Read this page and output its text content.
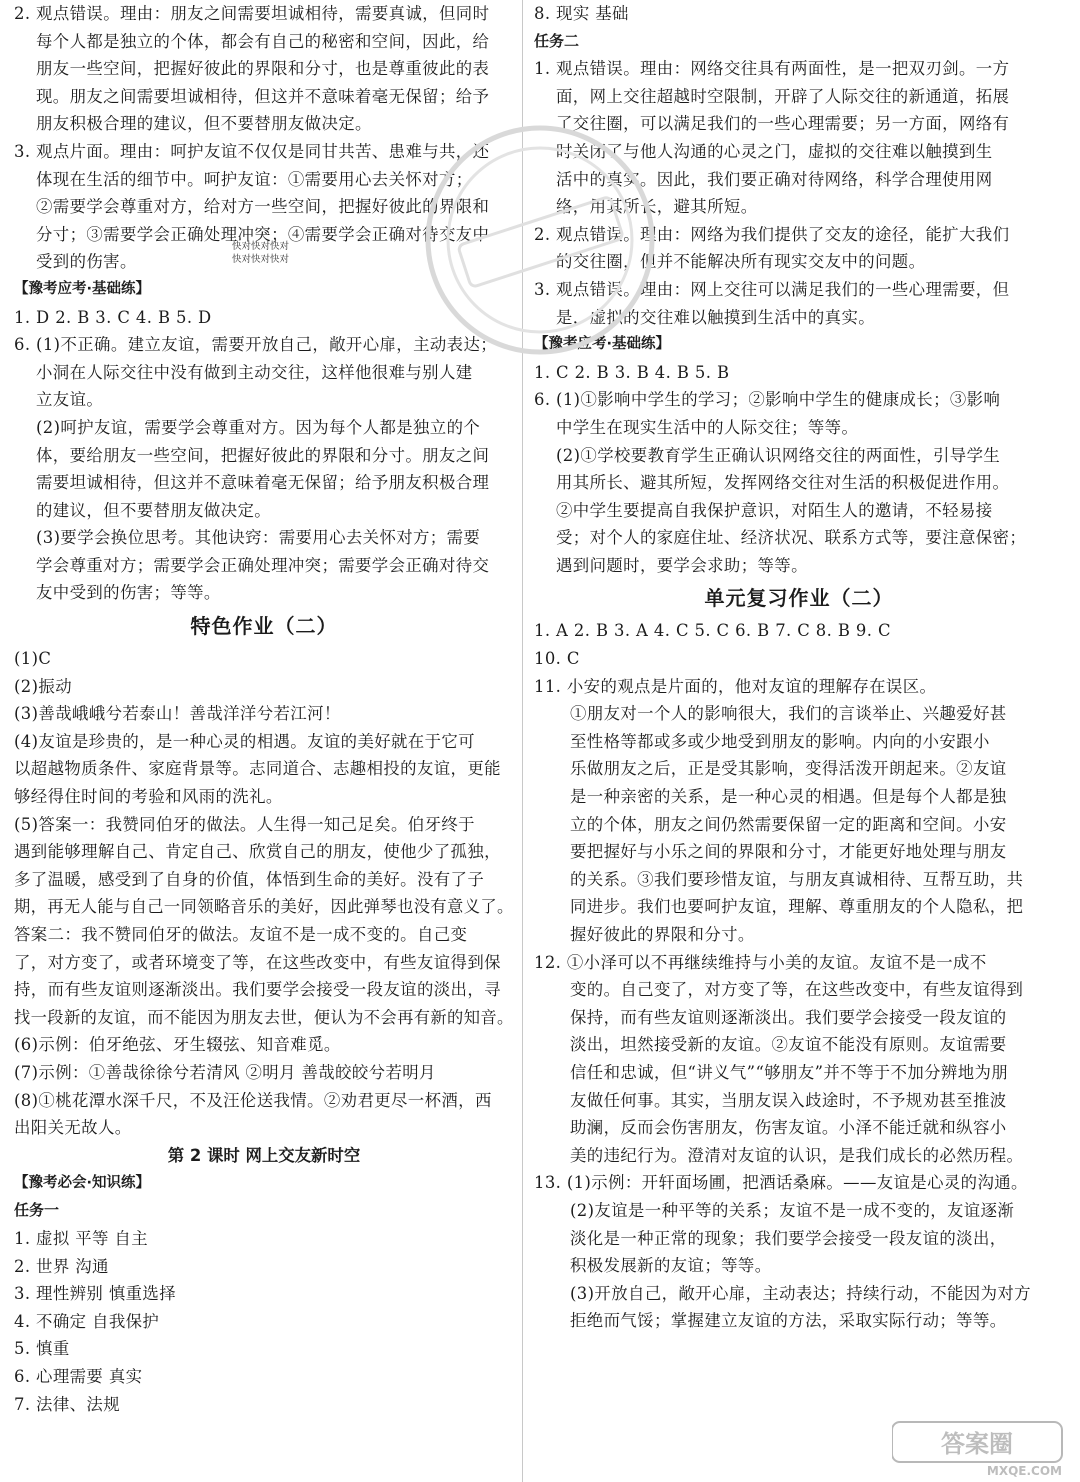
2. 观点错误。理由：朋友之间需要坦诚相待，需要真诚，但同时
每个人都是独立的个体，都会有自己的秘密和空间，因此，给
朋友一些空间，把握好彼此的界限和分寸，也是尊重彼此的表
现。朋友之间需要坦诚相待，但这并不意味着毫无保留；给予
朋友积极合理的建议，但不要替朋友做决定。
3. 观点片面。理由：呵护友谊不仅仅是同甘共苦、患难与共，还
体现在生活的细节中。呵护友谊：①需要用心去关怀对方；
②需要学会尊重对方，给对方一些空间，把握好彼此的界限和
分寸；③需要学会正确处理冲突；④需要学会正确对待交友中
受到的伤害。
【豫考应考·基础练】
1. D 2. B 3. C 4. B 5. D
6. (1)不正确。建立友谊，需要开放自己，敞开心扉，主动表达；
小洞在人际交往中没有做到主动交往，这样他很难与别人建
立友谊。
(2)呵护友谊，需要学会尊重对方。因为每个人都是独立的个
体，要给朋友一些空间，把握好彼此的界限和分寸。朋友之间
需要坦诚相待，但这并不意味着毫无保留；给予朋友积极合理
的建议，但不要替朋友做决定。
(3)要学会换位思考。其他诀窍：需要用心去关怀对方；需要
学会尊重对方；需要学会正确处理冲突；需要学会正确对待交
友中受到的伤害；等等。
特色作业（二）
(1)C
(2)振动
(3)善哉峨峨兮若泰山！善哉洋洋兮若江河！
(4)友谊是珍贵的，是一种心灵的相遇。友谊的美好就在于它可
以超越物质条件、家庭背景等。志同道合、志趣相投的友谊，更能
够经得住时间的考验和风雨的洗礼。
(5)答案一：我赞同伯牙的做法。人生得一知己足矣。伯牙终于
遇到能够理解自己、肯定自己、欣赏自己的朋友，使他少了孤独，
多了温暖，感受到了自身的价值，体悟到生命的美好。没有了子
期，再无人能与自己一同领略音乐的美好，因此弹琴也没有意义了。
答案二：我不赞同伯牙的做法。友谊不是一成不变的。自己变
了，对方变了，或者环境变了等，在这些改变中，有些友谊得到保
持，而有些友谊则逐渐淡出。我们要学会接受一段友谊的淡出，寻
找一段新的友谊，而不能因为朋友去世，便认为不会再有新的知音。
(6)示例：伯牙绝弦、牙生辍弦、知音难觅。
(7)示例：①善哉徐徐兮若清风 ②明月 善哉皎皎兮若明月
(8)①桃花潭水深千尺，不及汪伦送我情。②劝君更尽一杯酒，西
出阳关无故人。
第 2 课时 网上交友新时空
【豫考必会·知识练】
任务一
1. 虚拟 平等 自主
2. 世界 沟通
3. 理性辨别 慎重选择
4. 不确定 自我保护
5. 慎重
6. 心理需要 真实
7. 法律、法规
8. 现实 基础
任务二
1. 观点错误。理由：网络交往具有两面性，是一把双刃剑。一方
面，网上交往超越时空限制，开辟了人际交往的新通道，拓展
了交往圈，可以满足我们的一些心理需要；另一方面，网络有
时关闭了与他人沟通的心灵之门，虚拟的交往难以触摸到生
活中的真实。因此，我们要正确对待网络，科学合理使用网
络，用其所长，避其所短。
2. 观点错误。理由：网络为我们提供了交友的途径，能扩大我们
的交往圈，但并不能解决所有现实交友中的问题。
3. 观点错误。理由：网上交往可以满足我们的一些心理需要，但
是，虚拟的交往难以触摸到生活中的真实。
【豫考应考·基础练】
1. C 2. B 3. B 4. B 5. B
6. (1)①影响中学生的学习；②影响中学生的健康成长；③影响
中学生在现实生活中的人际交往；等等。
(2)①学校要教育学生正确认识网络交往的两面性，引导学生
用其所长、避其所短，发挥网络交往对生活的积极促进作用。
②中学生要提高自我保护意识，对陌生人的邀请，不轻易接
受；对个人的家庭住址、经济状况、联系方式等，要注意保密；
遇到问题时，要学会求助；等等。
单元复习作业（二）
1. A 2. B 3. A 4. C 5. C 6. B 7. C 8. B 9. C
10. C
11. 小安的观点是片面的，他对友谊的理解存在误区。
①朋友对一个人的影响很大，我们的言谈举止、兴趣爱好甚
至性格等都或多或少地受到朋友的影响。内向的小安跟小
乐做朋友之后，正是受其影响，变得活泼开朗起来。②友谊
是一种亲密的关系，是一种心灵的相遇。但是每个人都是独
立的个体，朋友之间仍然需要保留一定的距离和空间。小安
要把握好与小乐之间的界限和分寸，才能更好地处理与朋友
的关系。③我们要珍惜友谊，与朋友真诚相待、互帮互助，共
同进步。我们也要呵护友谊，理解、尊重朋友的个人隐私，把
握好彼此的界限和分寸。
12. ①小泽可以不再继续维持与小美的友谊。友谊不是一成不
变的。自己变了，对方变了等，在这些改变中，有些友谊得到
保持，而有些友谊则逐渐淡出。我们要学会接受一段友谊的
淡出，坦然接受新的友谊。②友谊不能没有原则。友谊需要
信任和忠诚，但“讲义气”“够朋友”并不等于不加分辨地为朋
友做任何事。其实，当朋友误入歧途时，不予规劝甚至推波
助澜，反而会伤害朋友，伤害友谊。小泽不能迁就和纵容小
美的违纪行为。澄清对友谊的认识，是我们成长的必然历程。
13. (1)示例：开轩面场圃，把酒话桑麻。——友谊是心灵的沟通。
(2)友谊是一种平等的关系；友谊不是一成不变的，友谊逐渐
淡化是一种正常的现象；我们要学会接受一段友谊的淡出，
积极发展新的友谊；等等。
(3)开放自己，敞开心扉，主动表达；持续行动，不能因为对方
拒绝而气馁；掌握建立友谊的方法，采取实际行动；等等。
快对快对快对
快对快对快对
答案圈
MXQE.COM
